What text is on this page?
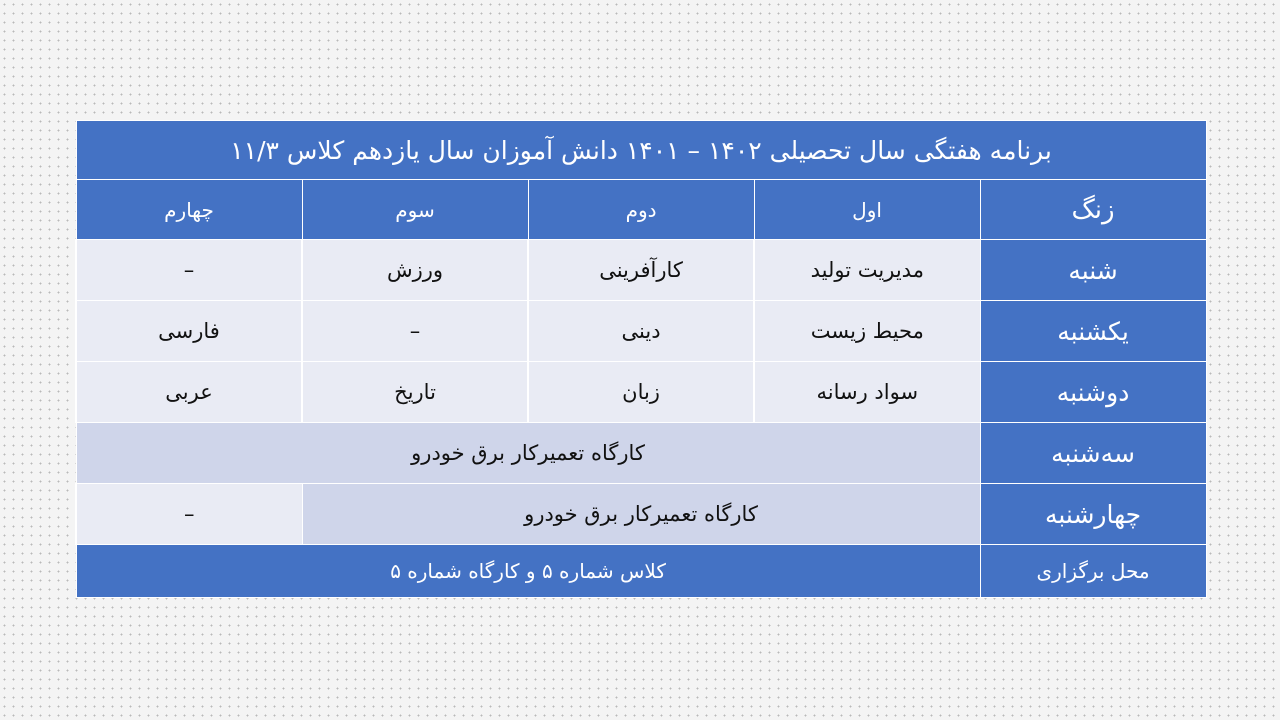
برنامه هفتگی سال تحصیلی ۱۴۰۲ – ۱۴۰۱ دانش آموزان سال یازدهم کلاس ۱۱/۳				
زنگ	اول	دوم	سوم	چهارم
شنبه	مدیریت تولید	کارآفرینی	ورزش	–
یکشنبه	محیط زیست	دینی	–	فارسی
دوشنبه	سواد رسانه	زبان	تاریخ	عربی
سه‌شنبه	کارگاه تعمیرکار برق خودرو			
چهارشنبه	کارگاه تعمیرکار برق خودرو			–
محل برگزاری	کلاس شماره ۵ و کارگاه شماره ۵			
